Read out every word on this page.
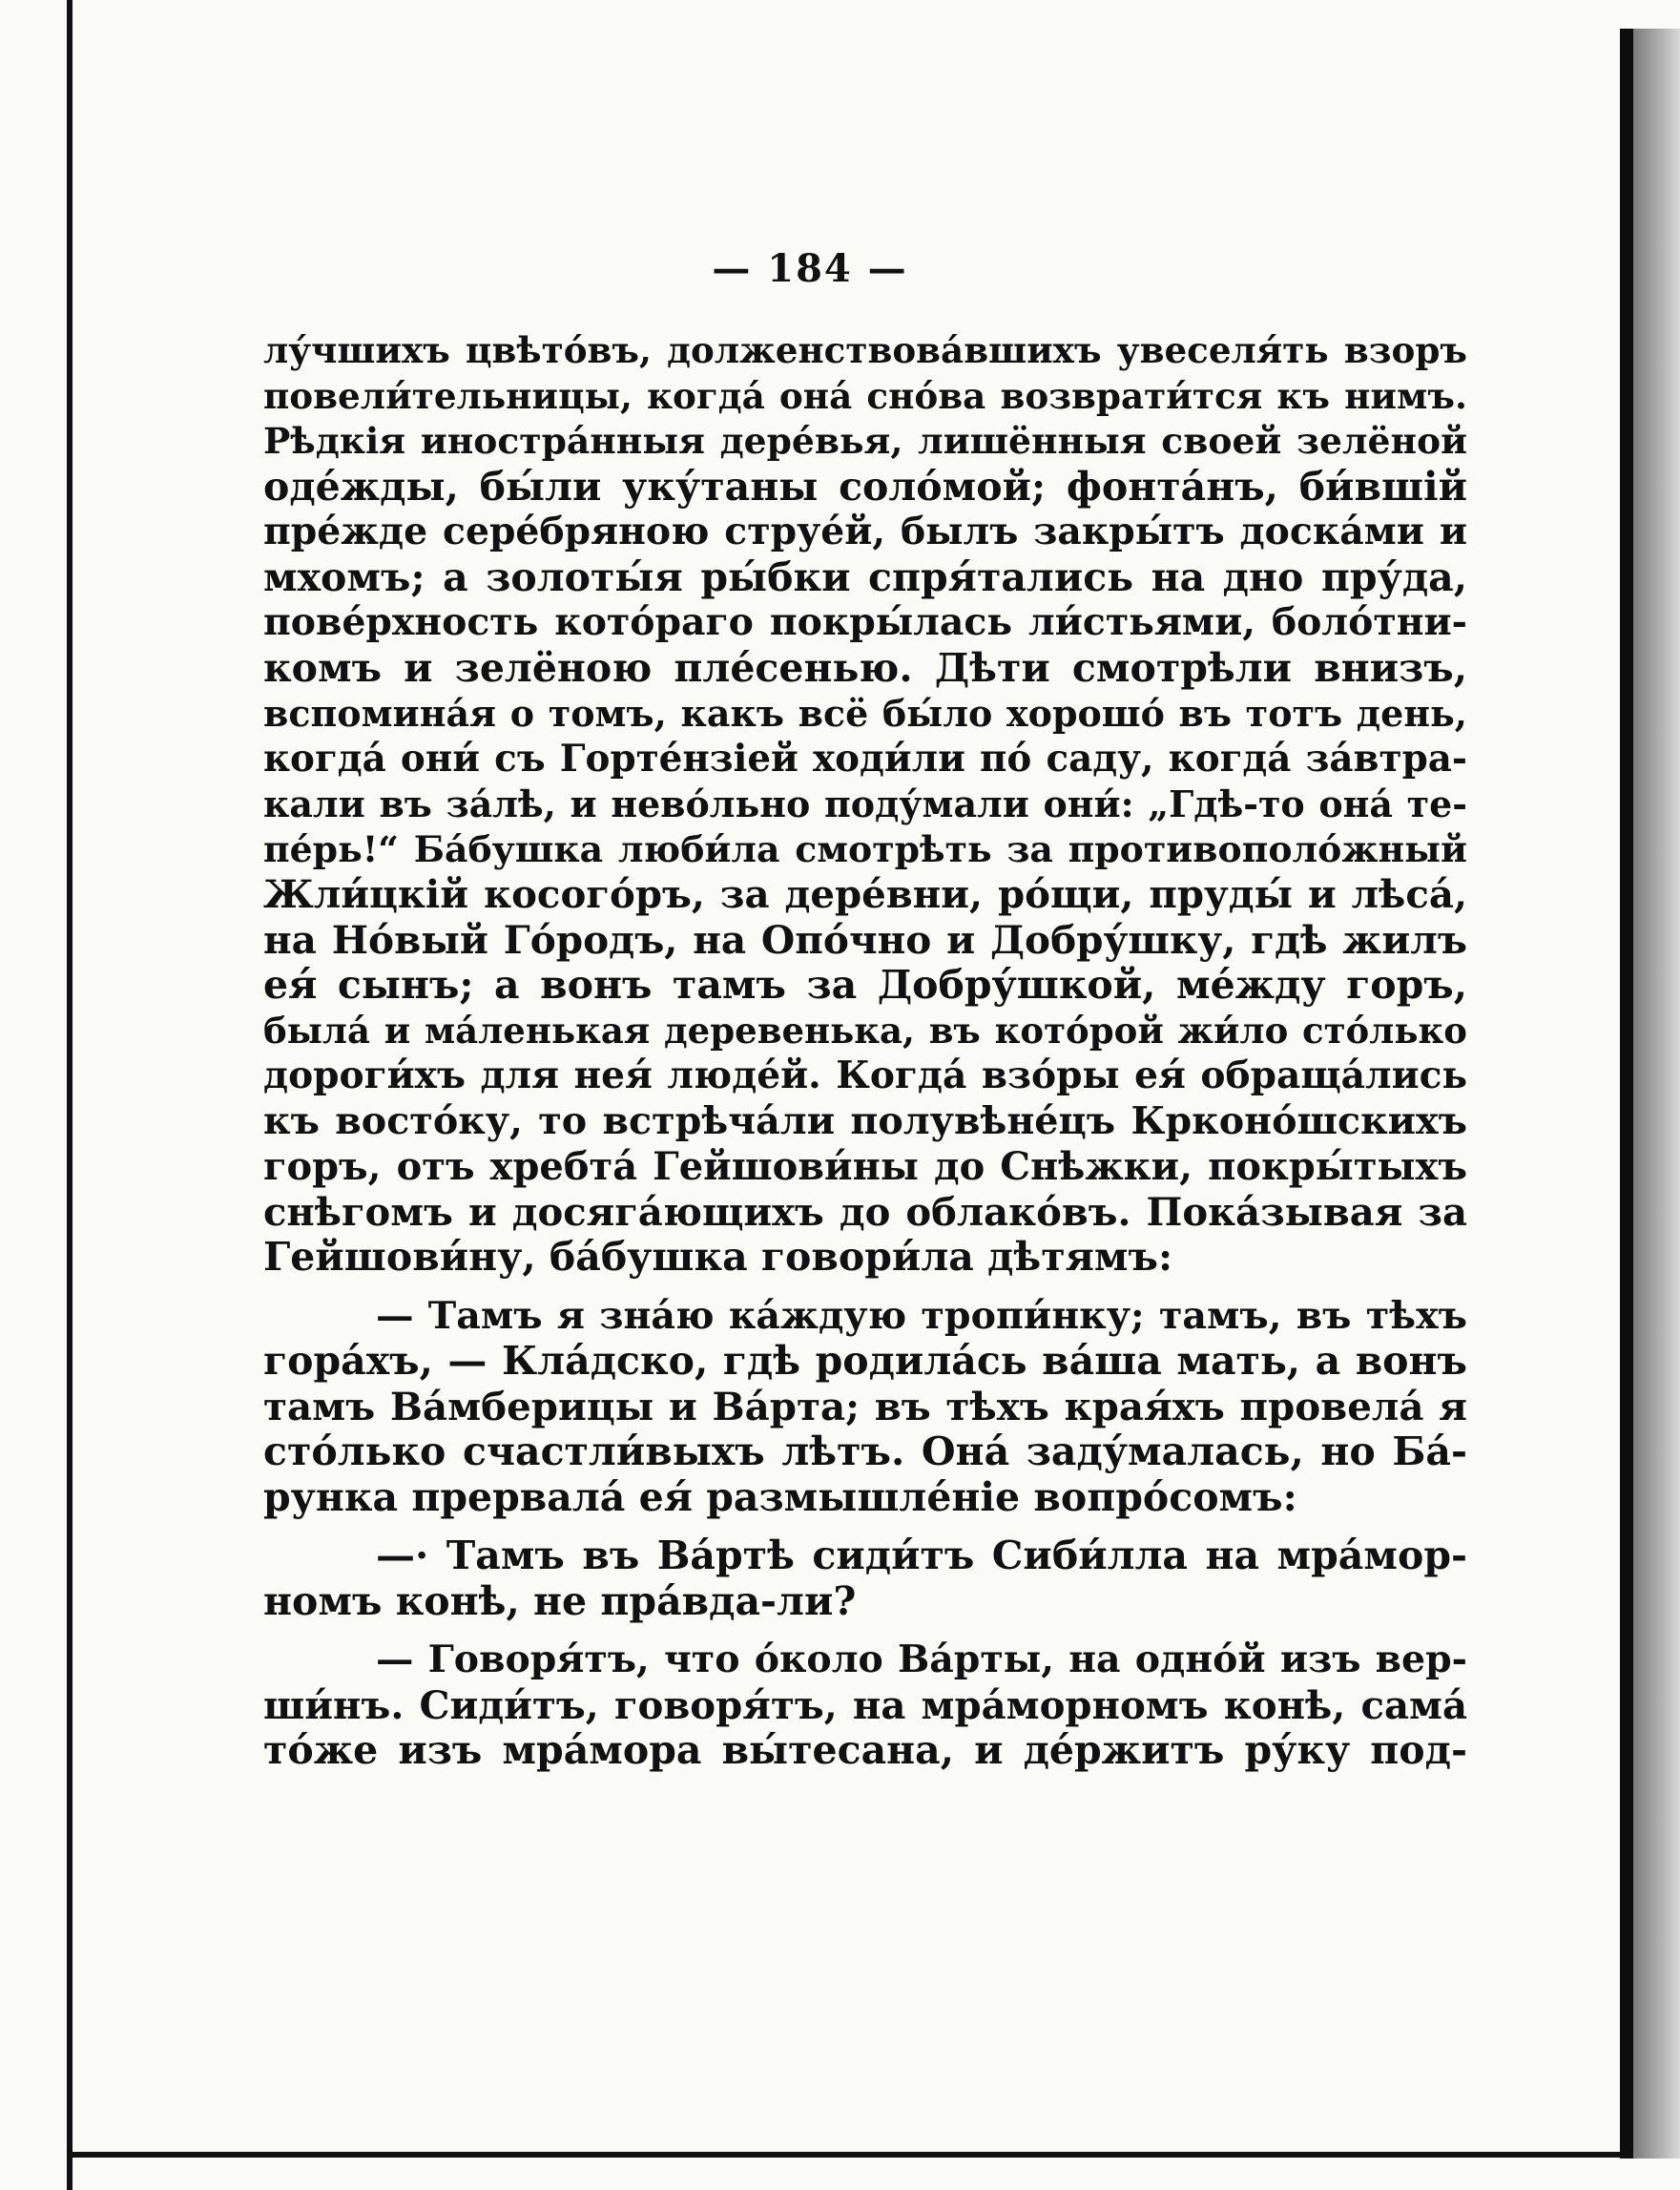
— 184 —
лу́чшихъ цвѣто́въ, долженствова́вшихъ увеселя́ть взоръ
повели́тельницы, когда́ она́ сно́ва возврати́тся къ нимъ.
Рѣдкія иностра́нныя дере́вья, лишённыя своей зелёной
оде́жды, бы́ли уку́таны соло́мой; фонта́нъ, би́вшій
пре́жде сере́бряною струе́й, былъ закры́тъ доска́ми и
мхомъ; а золоты́я ры́бки спря́тались на дно пру́да,
пове́рхность кото́раго покры́лась ли́стьями, боло́тни-
комъ и зелёною пле́сенью. Дѣти смотрѣли внизъ,
вспомина́я о томъ, какъ всё бы́ло хорошо́ въ тотъ день,
когда́ они́ съ Горте́нзіей ходи́ли по́ саду, когда́ за́втра-
кали въ за́лѣ, и нево́льно поду́мали они́: „Гдѣ-то она́ те-
пе́рь!“ Ба́бушка люби́ла смотрѣть за противополо́жный
Жли́цкій косого́ръ, за дере́вни, ро́щи, пруды́ и лѣса́,
на Но́вый Го́родъ, на Опо́чно и Добру́шку, гдѣ жилъ
ея́ сынъ; а вонъ тамъ за Добру́шкой, ме́жду горъ,
была́ и ма́ленькая деревенька, въ кото́рой жи́ло сто́лько
дороги́хъ для нея́ люде́й. Когда́ взо́ры ея́ обраща́лись
къ восто́ку, то встрѣча́ли полувѣне́цъ Крконо́шскихъ
горъ, отъ хребта́ Гейшови́ны до Снѣжки, покры́тыхъ
снѣгомъ и досяга́ющихъ до облако́въ. Пока́зывая за
Гейшови́ну, ба́бушка говори́ла дѣтямъ:
— Тамъ я зна́ю ка́ждую тропи́нку; тамъ, въ тѣхъ
гора́хъ, — Кла́дско, гдѣ родила́сь ва́ша мать, а вонъ
тамъ Ва́мберицы и Ва́рта; въ тѣхъ края́хъ провела́ я
сто́лько счастли́выхъ лѣтъ. Она́ заду́малась, но Ба́-
рунка прервала́ ея́ размышле́ніе вопро́сомъ:
—· Тамъ въ Ва́ртѣ сиди́тъ Сиби́лла на мра́мор-
номъ конѣ, не пра́вда-ли?
— Говоря́тъ, что о́коло Ва́рты, на одно́й изъ вер-
ши́нъ. Сиди́тъ, говоря́тъ, на мра́морномъ конѣ, сама́
то́же изъ мра́мора вы́тесана, и де́ржитъ ру́ку под-
